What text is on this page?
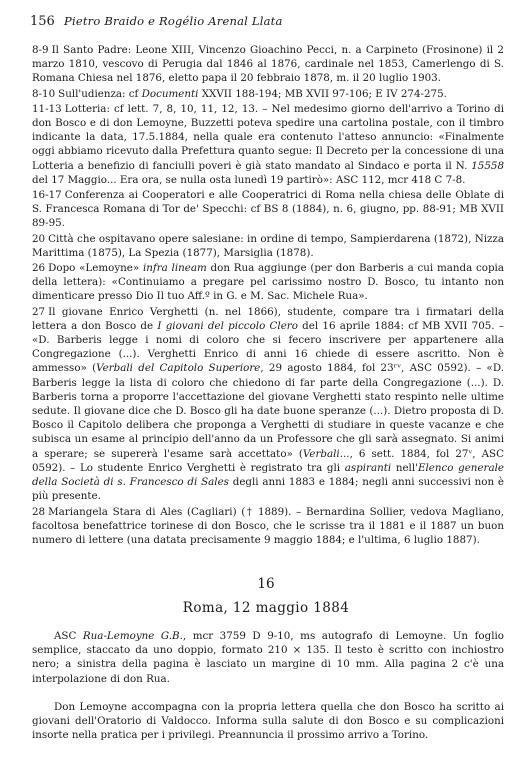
156 Pietro Braido e Rogélio Arenal Llata

8-9 Il Santo Padre: Leone XIII, Vincenzo Gioachino Pecci, n. a Carpineto (Frosinone) il 2 marzo 1810, vescovo di Perugia dal 1846 al 1876, cardinale nel 1853, Camerlengo di S. Romana Chiesa nel 1876, eletto papa il 20 febbraio 1878, m. il 20 luglio 1903.

8-10 Sull'udienza: cf Documenti XXVII 188-194; MB XVII 97-106; E IV 274-275.

11-13 Lotteria: cf lett. 7, 8, 10, 11, 12, 13. – Nel medesimo giorno dell'arrivo a Torino di don Bosco e di don Lemoyne, Buzzetti poteva spedire una cartolina postale, con il timbro indicante la data, 17.5.1884, nella quale era contenuto l'atteso annuncio: «Finalmente oggi abbiamo ricevuto dalla Prefettura quanto segue: Il Decreto per la concessione di una Lotteria a benefizio di fanciulli poveri è già stato mandato al Sindaco e porta il N. 15558 del 17 Maggio... Era ora, se nulla osta lunedì 19 partirò»: ASC 112, mcr 418 C 7-8.

16-17 Conferenza ai Cooperatori e alle Cooperatrici di Roma nella chiesa delle Oblate di S. Francesca Romana di Tor de' Specchi: cf BS 8 (1884), n. 6, giugno, pp. 88-91; MB XVII 89-95.

20 Città che ospitavano opere salesiane: in ordine di tempo, Sampierdarena (1872), Nizza Marittima (1875), La Spezia (1877), Marsiglia (1878).

26 Dopo «Lemoyne» infra lineam don Rua aggiunge (per don Barberis a cui manda copia della lettera): «Continuiamo a pregare pel carissimo nostro D. Bosco, tu intanto non dimenticare presso Dio Il tuo Aff.º in G. e M. Sac. Michele Rua».

27 Il giovane Enrico Verghetti (n. nel 1866), studente, compare tra i firmatari della lettera a don Bosco de I giovani del piccolo Clero del 16 aprile 1884: cf MB XVII 705. – «D. Barberis legge i nomi di coloro che si fecero inscrivere per appartenere alla Congregazione (...). Verghetti Enrico di anni 16 chiede di essere ascritto. Non è ammesso» (Verbali del Capitolo Superiore, 29 agosto 1884, fol 23ʳᵛ, ASC 0592). – «D. Barberis legge la lista di coloro che chiedono di far parte della Congregazione (...). D. Barberis torna a proporre l'accettazione del giovane Verghetti stato respinto nelle ultime sedute. Il giovane dice che D. Bosco gli ha date buone speranze (...). Dietro proposta di D. Bosco il Capitolo delibera che proponga a Verghetti di studiare in queste vacanze e che subisca un esame al principio dell'anno da un Professore che gli sarà assegnato. Si animi a sperare; se supererà l'esame sarà accettato» (Verbali..., 6 sett. 1884, fol 27ᵛ, ASC 0592). – Lo studente Enrico Verghetti è registrato tra gli aspiranti nell'Elenco generale della Società di s. Francesco di Sales degli anni 1883 e 1884; negli anni successivi non è più presente.

28 Mariangela Stara di Ales (Cagliari) († 1889). – Bernardina Sollier, vedova Magliano, facoltosa benefattrice torinese di don Bosco, che le scrisse tra il 1881 e il 1887 un buon numero di lettere (una datata precisamente 9 maggio 1884; e l'ultima, 6 luglio 1887).

16
Roma, 12 maggio 1884

ASC Rua-Lemoyne G.B., mcr 3759 D 9-10, ms autografo di Lemoyne. Un foglio semplice, staccato da uno doppio, formato 210 × 135. Il testo è scritto con inchiostro nero; a sinistra della pagina è lasciato un margine di 10 mm. Alla pagina 2 c'è una interpolazione di don Rua.

Don Lemoyne accompagna con la propria lettera quella che don Bosco ha scritto ai giovani dell'Oratorio di Valdocco. Informa sulla salute di don Bosco e su complicazioni insorte nella pratica per i privilegi. Preannuncia il prossimo arrivo a Torino.
